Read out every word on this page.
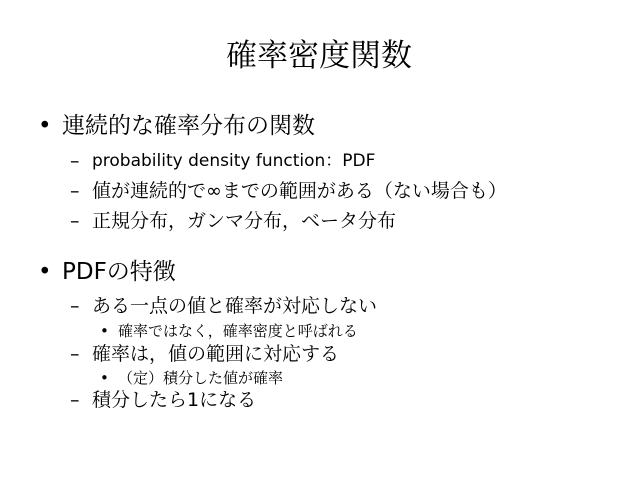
確率密度関数
• 連続的な確率分布の関数
– probability density function：PDF
– 値が連続的で∞までの範囲がある（ない場合も）
– 正規分布，ガンマ分布，ベータ分布
• PDFの特徴
– ある一点の値と確率が対応しない
• 確率ではなく，確率密度と呼ばれる
– 確率は，値の範囲に対応する
• （定）積分した値が確率
– 積分したら1になる
